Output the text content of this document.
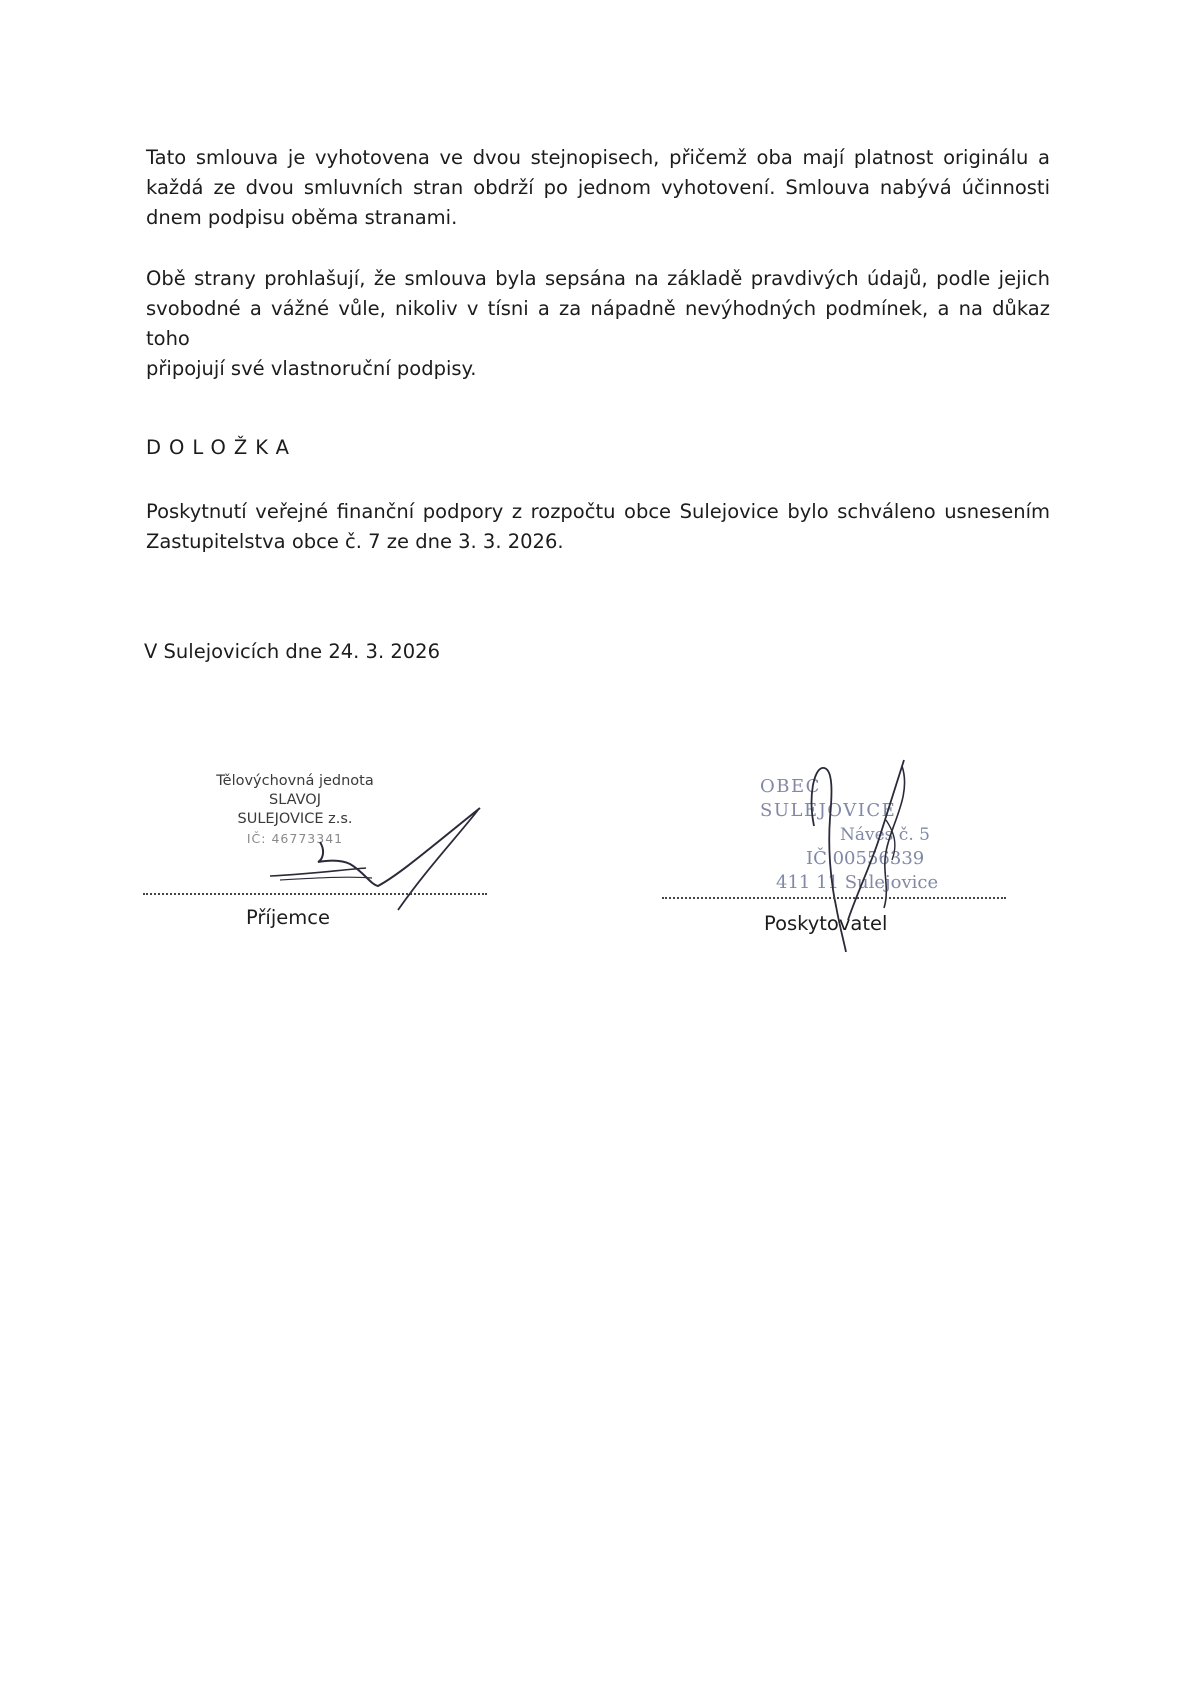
Tato smlouva je vyhotovena ve dvou stejnopisech, přičemž oba mají platnost originálu a
každá ze dvou smluvních stran obdrží po jednom vyhotovení. Smlouva nabývá účinnosti
dnem podpisu oběma stranami.

Obě strany prohlašují, že smlouva byla sepsána na základě pravdivých údajů, podle jejich
svobodné a vážné vůle, nikoliv v tísni a za nápadně nevýhodných podmínek, a na důkaz toho
připojují své vlastnoruční podpisy.

DOLOŽKA

Poskytnutí veřejné finanční podpory z rozpočtu obce Sulejovice bylo schváleno usnesením
Zastupitelstva obce č. 7 ze dne 3. 3. 2026.

V Sulejovicích dne 24. 3. 2026

Tělovýchovná jednota
SLAVOJ
SULEJOVICE z.s.
IČ: 46773341
OBEC SULEJOVICE
Náves č. 5
IČ 00556339
411 11 Sulejovice

Příjemce	Poskytovatel
